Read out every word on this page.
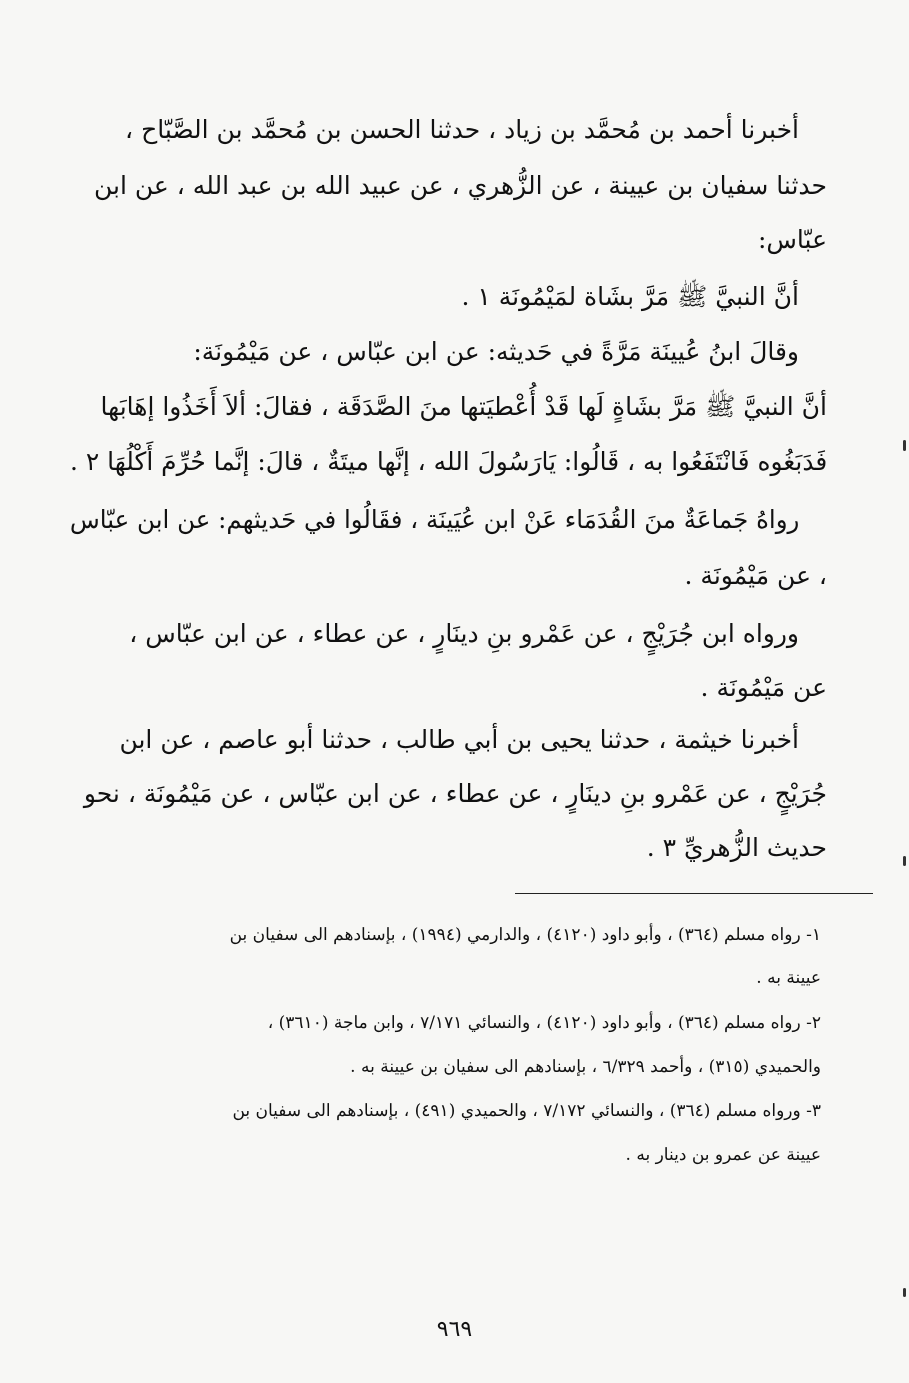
أخبرنا أحمد بن مُحمَّد بن زياد ، حدثنا الحسن بن مُحمَّد بن الصَّبّاح ،
حدثنا سفيان بن عيينة ، عن الزُّهري ، عن عبيد الله بن عبد الله ، عن ابن
عبّاس:
أنَّ النبيَّ ﷺ مَرَّ بشَاة لمَيْمُونَة ١ .
وقالَ ابنُ عُيينَة مَرَّةً في حَديثه: عن ابن عبّاس ، عن مَيْمُونَة:
أنَّ النبيَّ ﷺ مَرَّ بشَاةٍ لَها قَدْ أُعْطيَتها منَ الصَّدَقَة ، فقالَ: ألاَ أَخَذُوا إهَابَها
فَدَبَغُوه فَانْتَفَعُوا به ، قَالُوا: يَارَسُولَ الله ، إنَّها ميتَةٌ ، قالَ: إنَّما حُرِّمَ أَكْلُهَا ٢ .
رواهُ جَماعَةٌ منَ القُدَمَاء عَنْ ابن عُيَينَة ، فقَالُوا في حَديثهم: عن ابن عبّاس
، عن مَيْمُونَة .
ورواه ابن جُرَيْجٍ ، عن عَمْرو بنِ دينَارٍ ، عن عطاء ، عن ابن عبّاس ،
عن مَيْمُونَة .
أخبرنا خيثمة ، حدثنا يحيى بن أبي طالب ، حدثنا أبو عاصم ، عن ابن
جُرَيْجٍ ، عن عَمْرو بنِ دينَارٍ ، عن عطاء ، عن ابن عبّاس ، عن مَيْمُونَة ، نحو
حديث الزُّهريِّ ٣ .
١- رواه مسلم (٣٦٤) ، وأبو داود (٤١٢٠) ، والدارمي (١٩٩٤) ، بإسنادهم الى سفيان بن
عيينة به .
٢- رواه مسلم (٣٦٤) ، وأبو داود (٤١٢٠) ، والنسائي ٧/١٧١ ، وابن ماجة (٣٦١٠) ،
والحميدي (٣١٥) ، وأحمد ٦/٣٢٩ ، بإسنادهم الى سفيان بن عيينة به .
٣- ورواه مسلم (٣٦٤) ، والنسائي ٧/١٧٢ ، والحميدي (٤٩١) ، بإسنادهم الى سفيان بن
عيينة عن عمرو بن دينار به .
٩٦٩
